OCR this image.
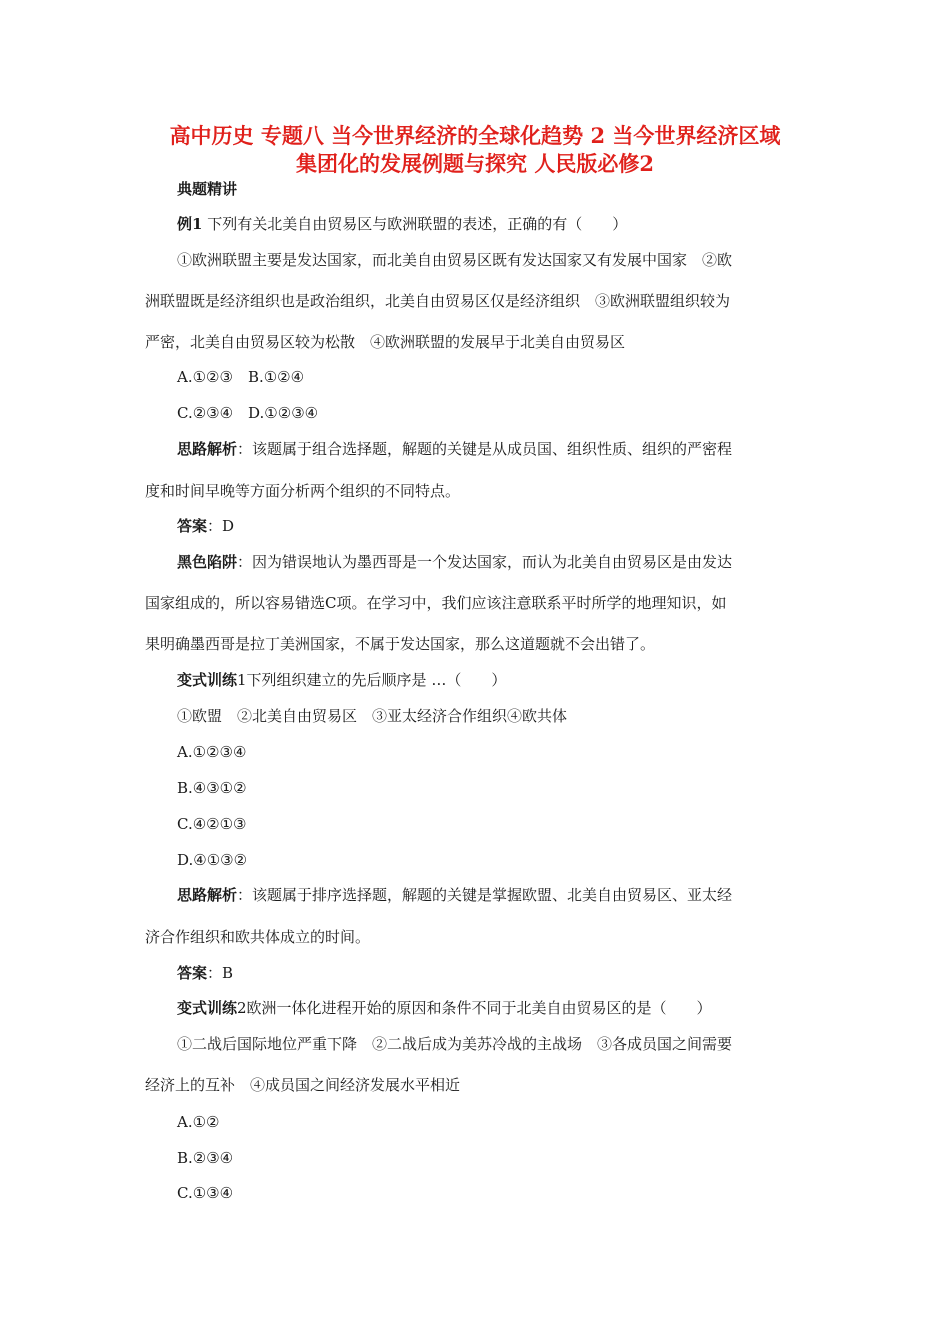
高中历史 专题八 当今世界经济的全球化趋势 2 当今世界经济区域
集团化的发展例题与探究 人民版必修2
典题精讲
例1 下列有关北美自由贸易区与欧洲联盟的表述，正确的有（　　）
①欧洲联盟主要是发达国家，而北美自由贸易区既有发达国家又有发展中国家　②欧
洲联盟既是经济组织也是政治组织，北美自由贸易区仅是经济组织　③欧洲联盟组织较为
严密，北美自由贸易区较为松散　④欧洲联盟的发展早于北美自由贸易区
A.①②③　B.①②④
C.②③④　D.①②③④
思路解析：该题属于组合选择题，解题的关键是从成员国、组织性质、组织的严密程
度和时间早晚等方面分析两个组织的不同特点。
答案：D
黑色陷阱：因为错误地认为墨西哥是一个发达国家，而认为北美自由贸易区是由发达
国家组成的，所以容易错选C项。在学习中，我们应该注意联系平时所学的地理知识，如
果明确墨西哥是拉丁美洲国家，不属于发达国家，那么这道题就不会出错了。
变式训练1下列组织建立的先后顺序是 …（　　）
①欧盟　②北美自由贸易区　③亚太经济合作组织④欧共体
A.①②③④
B.④③①②
C.④②①③
D.④①③②
思路解析：该题属于排序选择题，解题的关键是掌握欧盟、北美自由贸易区、亚太经
济合作组织和欧共体成立的时间。
答案：B
变式训练2欧洲一体化进程开始的原因和条件不同于北美自由贸易区的是（　　）
①二战后国际地位严重下降　②二战后成为美苏冷战的主战场　③各成员国之间需要
经济上的互补　④成员国之间经济发展水平相近
A.①②
B.②③④
C.①③④
